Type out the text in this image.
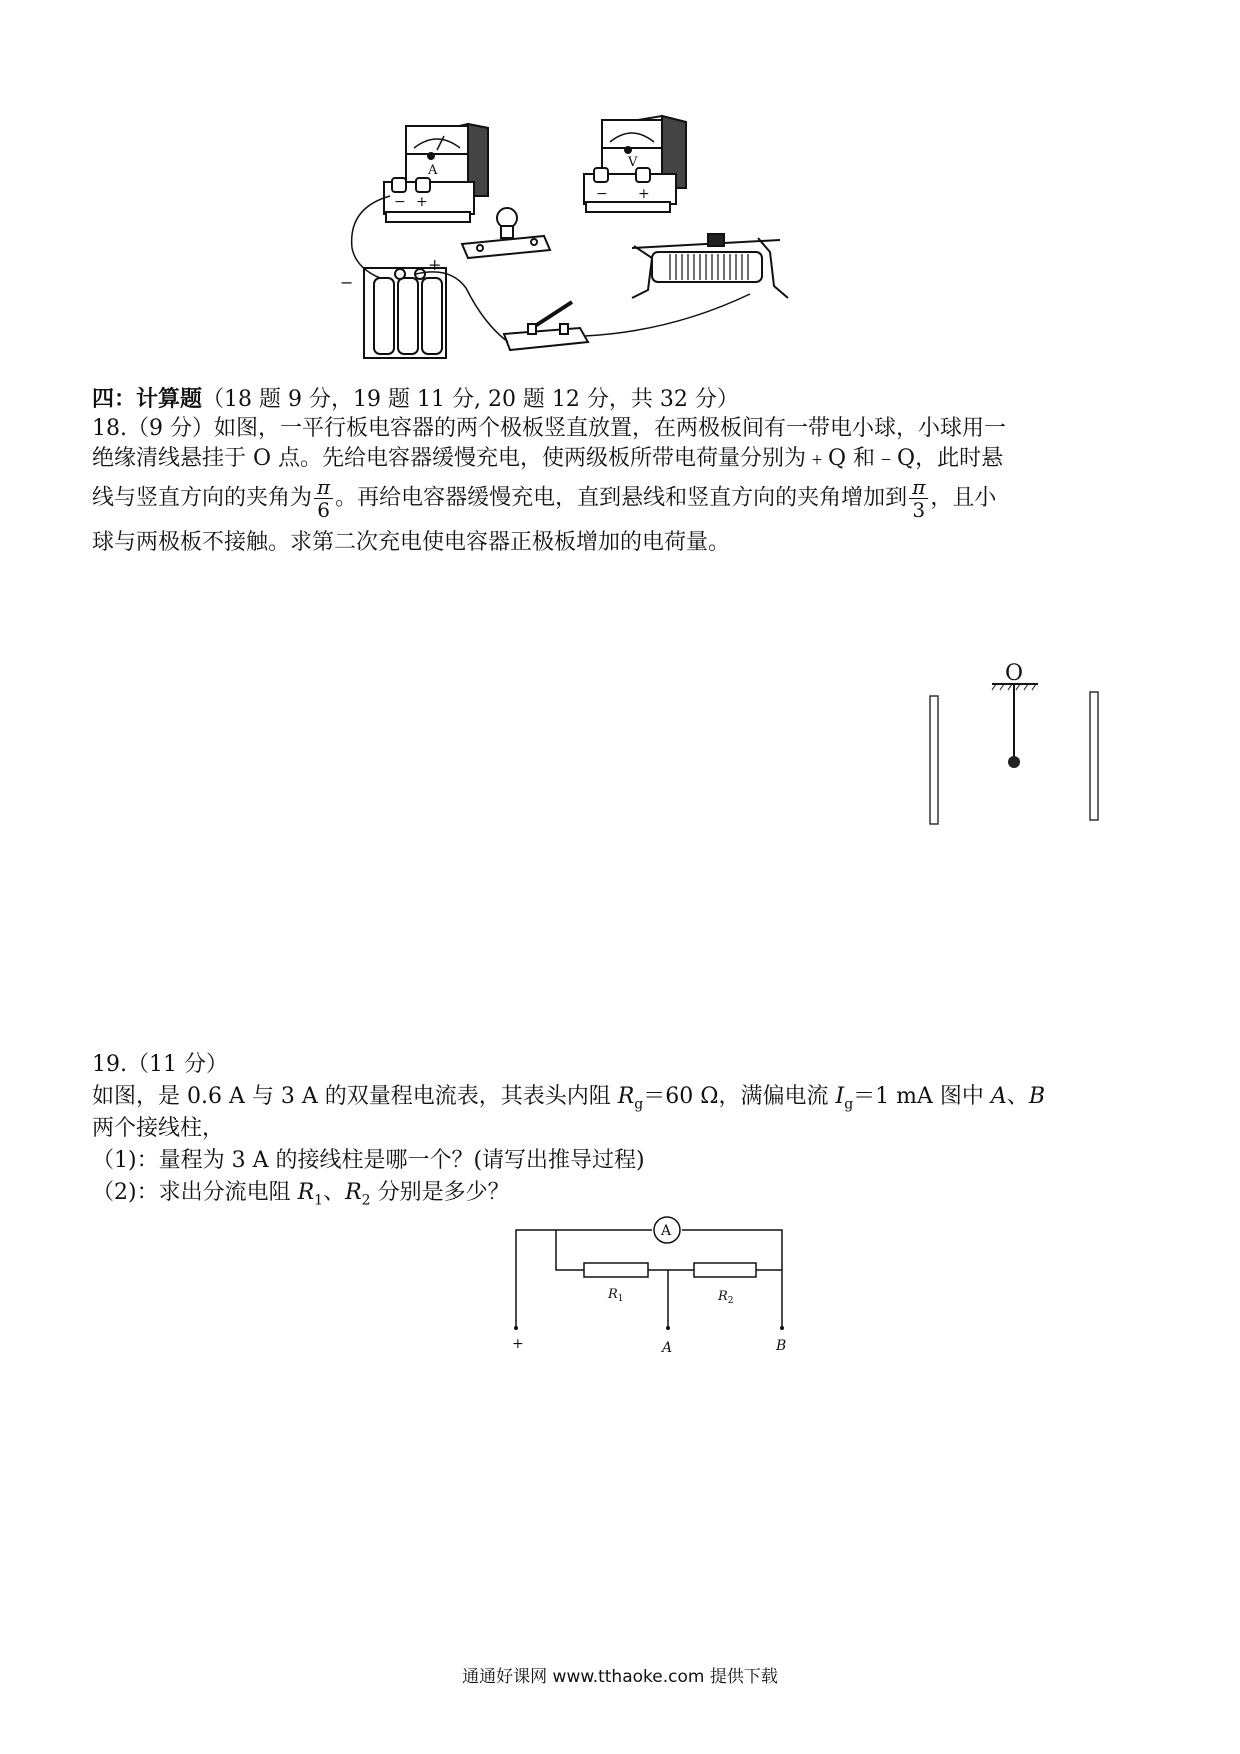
A
− +
V
− +
−
+
四：计算题（18 题 9 分，19 题 11 分, 20 题 12 分，共 32 分）
18.（9 分）如图，一平行板电容器的两个极板竖直放置，在两极板间有一带电小球，小球用一
绝缘清线悬挂于 O 点。先给电容器缓慢充电，使两级板所带电荷量分别为﹢Q 和﹣Q，此时悬
线与竖直方向的夹角为 $\frac{\pi}{6}$ 。再给电容器缓慢充电，直到悬线和竖直方向的夹角增加到 $\frac{\pi}{3}$ ，且小
球与两极板不接触。求第二次充电使电容器正极板增加的电荷量。
O
19.（11 分）
如图，是 0.6 A 与 3 A 的双量程电流表，其表头内阻 $R_g=60$ Ω，满偏电流 $I_g=1$ mA 图中 A、B
两个接线柱，
（1)：量程为 3 A 的接线柱是哪一个？(请写出推导过程)
（2)：求出分流电阻 $R_1$、$R_2$ 分别是多少？
A
$R_1$	$R_2$
+	A	B
通通好课网 www.tthaoke.com 提供下载
